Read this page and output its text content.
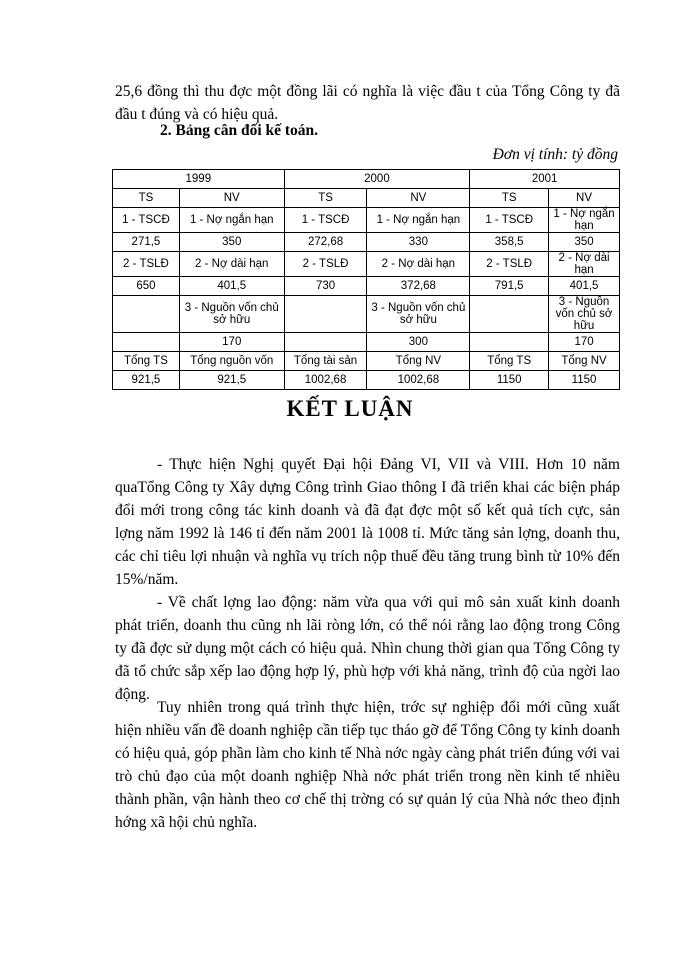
25,6 đồng thì thu đợc một đồng lãi có nghĩa là việc đầu t của Tổng Công ty đã đầu t đúng và có hiệu quả.

2. Bảng cân đối kế toán.

Đơn vị tính: tỷ đồng

1999		2000		2001	
TS	NV	TS	NV	TS	NV
1 - TSCĐ	1 - Nợ ngắn hạn	1 - TSCĐ	1 - Nợ ngắn hạn	1 - TSCĐ	1 - Nợ ngắn hạn
271,5	350	272,68	330	358,5	350
2 - TSLĐ	2 - Nợ dài hạn	2 - TSLĐ	2 - Nợ dài hạn	2 - TSLĐ	2 - Nợ dài hạn
650	401,5	730	372,68	791,5	401,5
	3 - Nguồn vốn chủ sở hữu		3 - Nguồn vốn chủ sở hữu		3 - Nguồn vốn chủ sở hữu
	170		300		170
Tổng TS	Tổng nguồn vốn	Tổng tài sản	Tổng NV	Tổng TS	Tổng NV
921,5	921,5	1002,68	1002,68	1150	1150
KẾT LUẬN

- Thực hiện Nghị quyết Đại hội Đảng VI, VII và VIII. Hơn 10 năm quaTổng Công ty Xây dựng Công trình Giao thông I đã triển khai các biện pháp đổi mới trong công tác kinh doanh và đã đạt đợc một số kết quả tích cực, sản lợng năm 1992 là 146 tỉ đến năm 2001 là 1008 tỉ. Mức tăng sản lợng, doanh thu, các chỉ tiêu lợi nhuận và nghĩa vụ trích nộp thuế đều tăng trung bình từ 10% đến 15%/năm.

- Về chất lợng lao động: năm vừa qua với qui mô sản xuất kinh doanh phát triển, doanh thu cũng nh lãi ròng lớn, có thể nói rằng lao động trong Công ty đã đợc sử dụng một cách có hiệu quả. Nhìn chung thời gian qua Tổng Công ty đã tổ chức sắp xếp lao động hợp lý, phù hợp với khả năng, trình độ của ngời lao động.

Tuy nhiên trong quá trình thực hiện, trớc sự nghiệp đổi mới cũng xuất hiện nhiều vấn đề doanh nghiệp cần tiếp tục tháo gỡ để Tổng Công ty kinh doanh có hiệu quả, góp phần làm cho kinh tế Nhà nớc ngày càng phát triển đúng với vai trò chủ đạo của một doanh nghiệp Nhà nớc phát triển trong nền kinh tế nhiều thành phần, vận hành theo cơ chế thị trờng có sự quản lý của Nhà nớc theo định hớng xã hội chủ nghĩa.
